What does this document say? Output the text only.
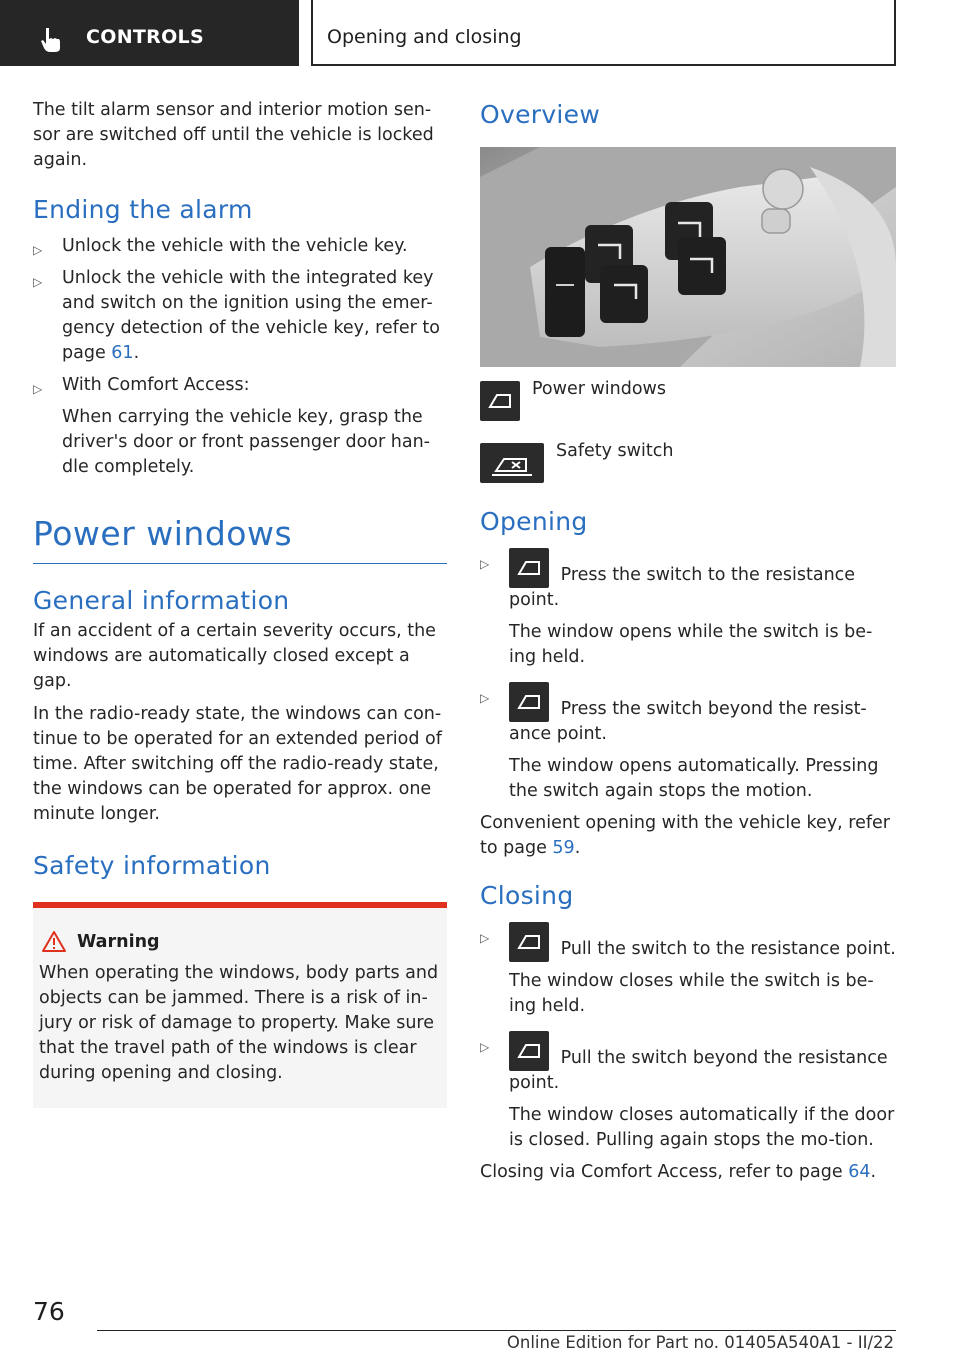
CONTROLS	Opening and closing

The tilt alarm sensor and interior motion sen-
sor are switched off until the vehicle is locked
again.

Ending the alarm
▷ Unlock the vehicle with the vehicle key.
▷ Unlock the vehicle with the integrated key and switch on the ignition using the emer-gency detection of the vehicle key, refer to page 61.
▷ With Comfort Access:
When carrying the vehicle key, grasp the driver's door or front passenger door han-dle completely.
Power windows
General information

If an accident of a certain severity occurs, the windows are automatically closed except a gap.

In the radio-ready state, the windows can con-tinue to be operated for an extended period of time. After switching off the radio-ready state, the windows can be operated for approx. one minute longer.

Safety information
Warning

When operating the windows, body parts and objects can be jammed. There is a risk of in-jury or risk of damage to property. Make sure that the travel path of the windows is clear during opening and closing.

Overview
Power windows
Safety switch
Opening
▷
Press the switch to the resistance point.
The window opens while the switch is be-ing held.
▷
Press the switch beyond the resist-ance point.
The window opens automatically. Pressing the switch again stops the motion.

Convenient opening with the vehicle key, refer to page 59.

Closing
▷
Pull the switch to the resistance point.
The window closes while the switch is be-ing held.
▷
Pull the switch beyond the resistance point.
The window closes automatically if the door is closed. Pulling again stops the mo-tion.

Closing via Comfort Access, refer to page 64.

76
Online Edition for Part no. 01405A540A1 - II/22
